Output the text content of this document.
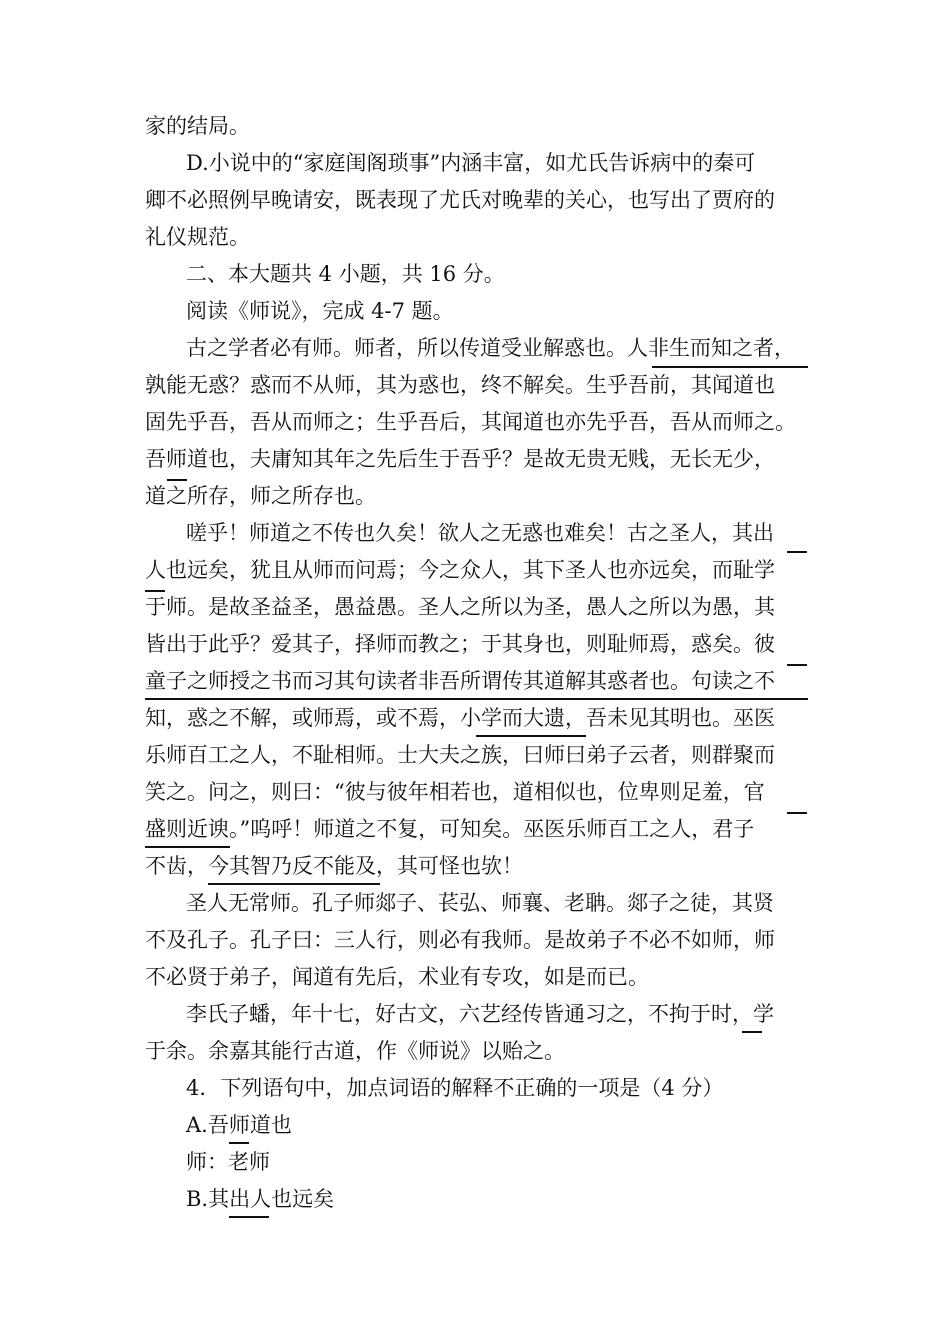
家的结局。
D.小说中的“家庭闺阁琐事”内涵丰富，如尤氏告诉病中的秦可
卿不必照例早晚请安，既表现了尤氏对晚辈的关心，也写出了贾府的
礼仪规范。
二、本大题共 4 小题，共 16 分。
阅读《师说》，完成 4-7 题。
古之学者必有师。师者，所以传道受业解惑也。人非生而知之者，
孰能无惑？惑而不从师，其为惑也，终不解矣。生乎吾前，其闻道也
固先乎吾，吾从而师之；生乎吾后，其闻道也亦先乎吾，吾从而师之。
吾师道也，夫庸知其年之先后生于吾乎？是故无贵无贱，无长无少，
道之所存，师之所存也。
嗟乎！师道之不传也久矣！欲人之无惑也难矣！古之圣人，其出
人也远矣，犹且从师而问焉；今之众人，其下圣人也亦远矣，而耻学
于师。是故圣益圣，愚益愚。圣人之所以为圣，愚人之所以为愚，其
皆出于此乎？爱其子，择师而教之；于其身也，则耻师焉，惑矣。彼
童子之师授之书而习其句读者非吾所谓传其道解其惑者也。句读之不
知，惑之不解，或师焉，或不焉，小学而大遗，吾未见其明也。巫医
乐师百工之人，不耻相师。士大夫之族，曰师曰弟子云者，则群聚而
笑之。问之，则曰：“彼与彼年相若也，道相似也，位卑则足羞，官
盛则近谀。”呜呼！师道之不复，可知矣。巫医乐师百工之人，君子
不齿，今其智乃反不能及，其可怪也欤！
圣人无常师。孔子师郯子、苌弘、师襄、老聃。郯子之徒，其贤
不及孔子。孔子曰：三人行，则必有我师。是故弟子不必不如师，师
不必贤于弟子，闻道有先后，术业有专攻，如是而已。
李氏子蟠，年十七，好古文，六艺经传皆通习之，不拘于时，学
于余。余嘉其能行古道，作《师说》以贻之。
4．下列语句中，加点词语的解释不正确的一项是（4 分）
A.吾师道也
师：老师
B.其出人也远矣
